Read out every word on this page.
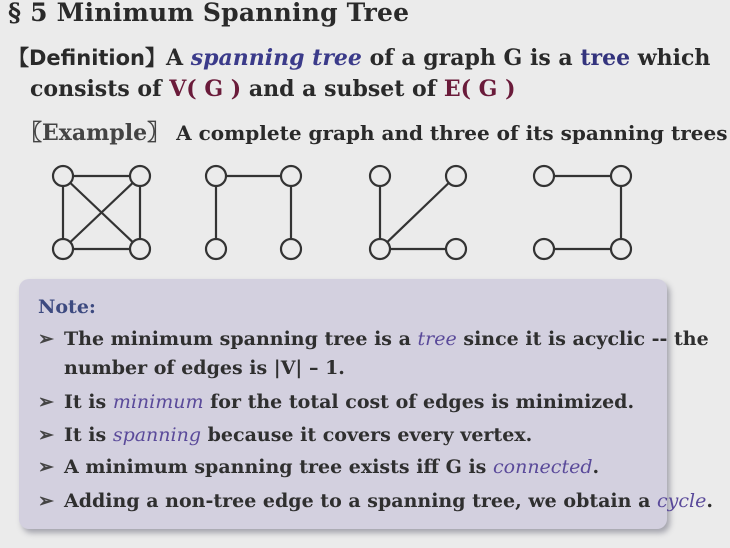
§ 5 Minimum Spanning Tree
【Definition】A spanning tree of a graph G is a tree which
consists of V( G ) and a subset of E( G )
〖Example〗 A complete graph and three of its spanning trees
Note:
➢ The minimum spanning tree is a tree since it is acyclic -- the
number of edges is |V| – 1.
➢ It is minimum for the total cost of edges is minimized.
➢ It is spanning because it covers every vertex.
➢ A minimum spanning tree exists iff G is connected.
➢ Adding a non-tree edge to a spanning tree, we obtain a cycle.
